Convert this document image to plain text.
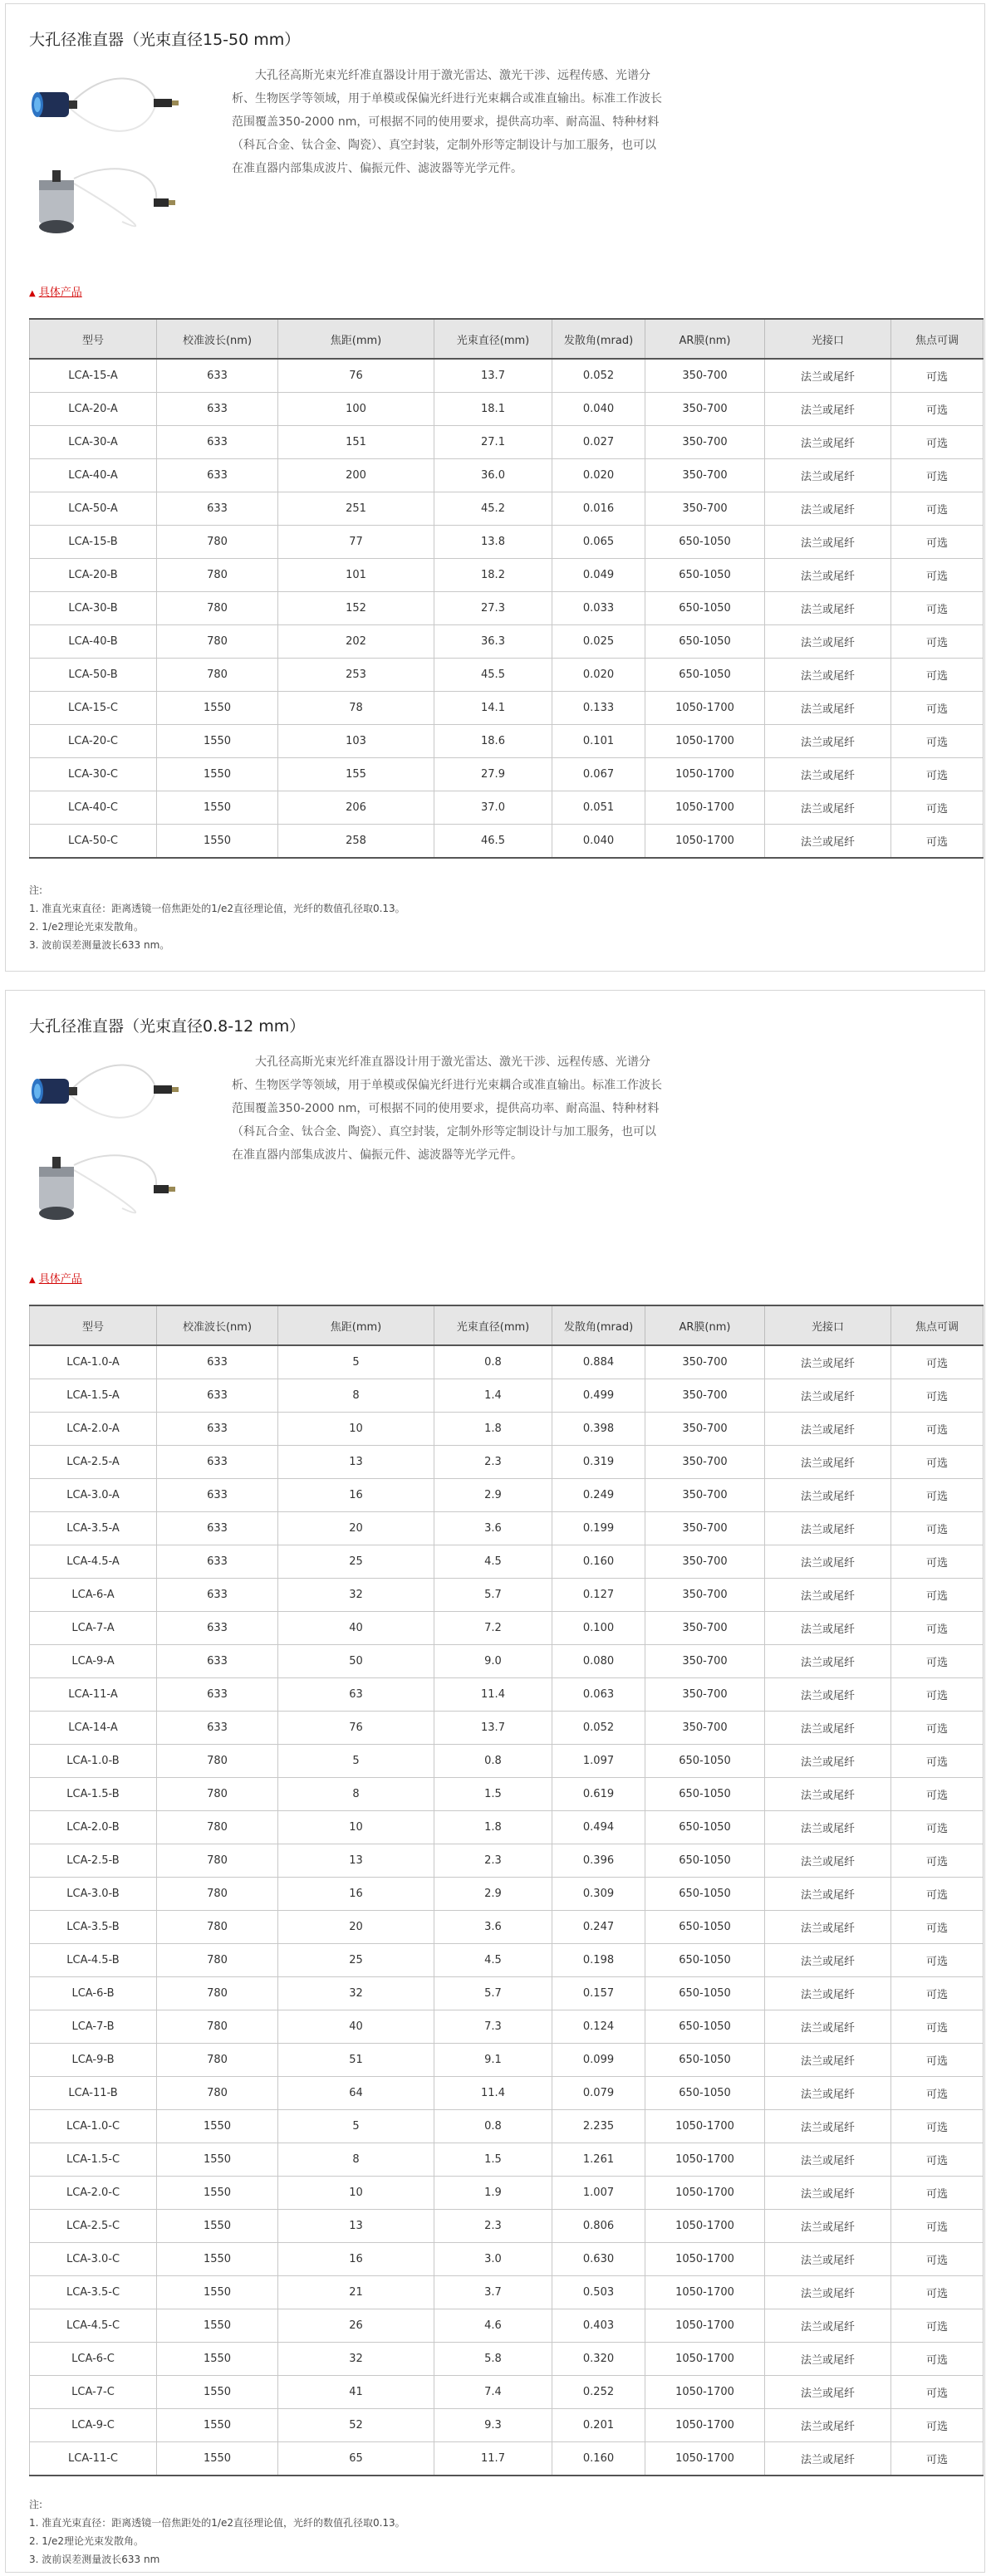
大孔径准直器（光束直径15-50 mm）
大孔径高斯光束光纤准直器设计用于激光雷达、激光干涉、远程传感、光谱分析、生物医学等领域，用于单模或保偏光纤进行光束耦合或准直输出。标准工作波长范围覆盖350-2000 nm，可根据不同的使用要求，提供高功率、耐高温、特种材料（科瓦合金、钛合金、陶瓷）、真空封装，定制外形等定制设计与加工服务，也可以在准直器内部集成波片、偏振元件、滤波器等光学元件。
▲ 具体产品
型号	校准波长(nm)	焦距(mm)	光束直径(mm)	发散角(mrad)	AR膜(nm)	光接口	焦点可调
LCA-15-A	633	76	13.7	0.052	350-700	法兰或尾纤	可选
LCA-20-A	633	100	18.1	0.040	350-700	法兰或尾纤	可选
LCA-30-A	633	151	27.1	0.027	350-700	法兰或尾纤	可选
LCA-40-A	633	200	36.0	0.020	350-700	法兰或尾纤	可选
LCA-50-A	633	251	45.2	0.016	350-700	法兰或尾纤	可选
LCA-15-B	780	77	13.8	0.065	650-1050	法兰或尾纤	可选
LCA-20-B	780	101	18.2	0.049	650-1050	法兰或尾纤	可选
LCA-30-B	780	152	27.3	0.033	650-1050	法兰或尾纤	可选
LCA-40-B	780	202	36.3	0.025	650-1050	法兰或尾纤	可选
LCA-50-B	780	253	45.5	0.020	650-1050	法兰或尾纤	可选
LCA-15-C	1550	78	14.1	0.133	1050-1700	法兰或尾纤	可选
LCA-20-C	1550	103	18.6	0.101	1050-1700	法兰或尾纤	可选
LCA-30-C	1550	155	27.9	0.067	1050-1700	法兰或尾纤	可选
LCA-40-C	1550	206	37.0	0.051	1050-1700	法兰或尾纤	可选
LCA-50-C	1550	258	46.5	0.040	1050-1700	法兰或尾纤	可选
注:
1. 准直光束直径：距离透镜一倍焦距处的1/e2直径理论值，光纤的数值孔径取0.13。
2. 1/e2理论光束发散角。
3. 波前误差测量波长633 nm。
大孔径准直器（光束直径0.8-12 mm）
大孔径高斯光束光纤准直器设计用于激光雷达、激光干涉、远程传感、光谱分析、生物医学等领域，用于单模或保偏光纤进行光束耦合或准直输出。标准工作波长范围覆盖350-2000 nm，可根据不同的使用要求，提供高功率、耐高温、特种材料（科瓦合金、钛合金、陶瓷）、真空封装，定制外形等定制设计与加工服务，也可以在准直器内部集成波片、偏振元件、滤波器等光学元件。
▲ 具体产品
型号	校准波长(nm)	焦距(mm)	光束直径(mm)	发散角(mrad)	AR膜(nm)	光接口	焦点可调
LCA-1.0-A	633	5	0.8	0.884	350-700	法兰或尾纤	可选
LCA-1.5-A	633	8	1.4	0.499	350-700	法兰或尾纤	可选
LCA-2.0-A	633	10	1.8	0.398	350-700	法兰或尾纤	可选
LCA-2.5-A	633	13	2.3	0.319	350-700	法兰或尾纤	可选
LCA-3.0-A	633	16	2.9	0.249	350-700	法兰或尾纤	可选
LCA-3.5-A	633	20	3.6	0.199	350-700	法兰或尾纤	可选
LCA-4.5-A	633	25	4.5	0.160	350-700	法兰或尾纤	可选
LCA-6-A	633	32	5.7	0.127	350-700	法兰或尾纤	可选
LCA-7-A	633	40	7.2	0.100	350-700	法兰或尾纤	可选
LCA-9-A	633	50	9.0	0.080	350-700	法兰或尾纤	可选
LCA-11-A	633	63	11.4	0.063	350-700	法兰或尾纤	可选
LCA-14-A	633	76	13.7	0.052	350-700	法兰或尾纤	可选
LCA-1.0-B	780	5	0.8	1.097	650-1050	法兰或尾纤	可选
LCA-1.5-B	780	8	1.5	0.619	650-1050	法兰或尾纤	可选
LCA-2.0-B	780	10	1.8	0.494	650-1050	法兰或尾纤	可选
LCA-2.5-B	780	13	2.3	0.396	650-1050	法兰或尾纤	可选
LCA-3.0-B	780	16	2.9	0.309	650-1050	法兰或尾纤	可选
LCA-3.5-B	780	20	3.6	0.247	650-1050	法兰或尾纤	可选
LCA-4.5-B	780	25	4.5	0.198	650-1050	法兰或尾纤	可选
LCA-6-B	780	32	5.7	0.157	650-1050	法兰或尾纤	可选
LCA-7-B	780	40	7.3	0.124	650-1050	法兰或尾纤	可选
LCA-9-B	780	51	9.1	0.099	650-1050	法兰或尾纤	可选
LCA-11-B	780	64	11.4	0.079	650-1050	法兰或尾纤	可选
LCA-1.0-C	1550	5	0.8	2.235	1050-1700	法兰或尾纤	可选
LCA-1.5-C	1550	8	1.5	1.261	1050-1700	法兰或尾纤	可选
LCA-2.0-C	1550	10	1.9	1.007	1050-1700	法兰或尾纤	可选
LCA-2.5-C	1550	13	2.3	0.806	1050-1700	法兰或尾纤	可选
LCA-3.0-C	1550	16	3.0	0.630	1050-1700	法兰或尾纤	可选
LCA-3.5-C	1550	21	3.7	0.503	1050-1700	法兰或尾纤	可选
LCA-4.5-C	1550	26	4.6	0.403	1050-1700	法兰或尾纤	可选
LCA-6-C	1550	32	5.8	0.320	1050-1700	法兰或尾纤	可选
LCA-7-C	1550	41	7.4	0.252	1050-1700	法兰或尾纤	可选
LCA-9-C	1550	52	9.3	0.201	1050-1700	法兰或尾纤	可选
LCA-11-C	1550	65	11.7	0.160	1050-1700	法兰或尾纤	可选
注:
1. 准直光束直径：距离透镜一倍焦距处的1/e2直径理论值，光纤的数值孔径取0.13。
2. 1/e2理论光束发散角。
3. 波前误差测量波长633 nm
